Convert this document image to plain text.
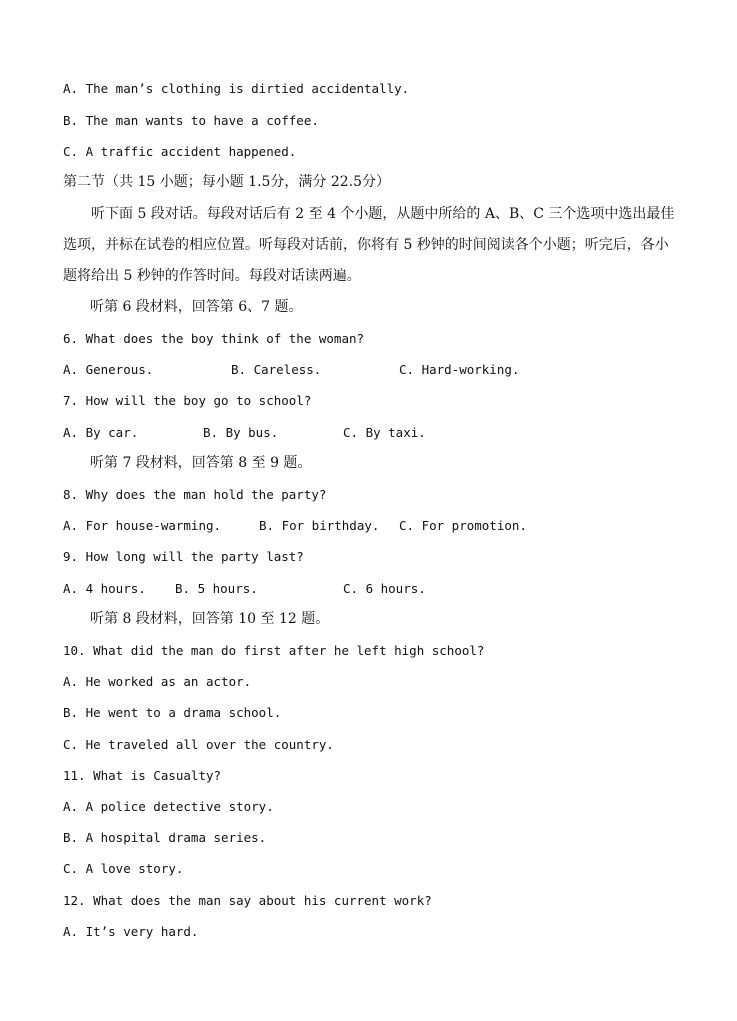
A. The man’s clothing is dirtied accidentally.
B. The man wants to have a coffee.
C. A traffic accident happened.
第二节（共 15 小题；每小题 1.5分，满分 22.5分）
听下面 5 段对话。每段对话后有 2 至 4 个小题，从题中所给的 A、B、C 三个选项中选出最佳选项，并标在试卷的相应位置。听每段对话前，你将有 5 秒钟的时间阅读各个小题；听完后，各小题将给出 5 秒钟的作答时间。每段对话读两遍。
听第 6 段材料，回答第 6、7 题。
6. What does the boy think of the woman?
A. Generous.	B. Careless.	C. Hard-working.
7. How will the boy go to school?
A. By car.	B. By bus.	C. By taxi.
听第 7 段材料，回答第 8 至 9 题。
8. Why does the man hold the party?
A. For house-warming.	B. For birthday. C. For promotion.
9. How long will the party last?
A. 4 hours. B. 5 hours.	C. 6 hours.
听第 8 段材料，回答第 10 至 12 题。
10. What did the man do first after he left high school?
A. He worked as an actor.
B. He went to a drama school.
C. He traveled all over the country.
11. What is Casualty?
A. A police detective story.
B. A hospital drama series.
C. A love story.
12. What does the man say about his current work?
A. It’s very hard.
